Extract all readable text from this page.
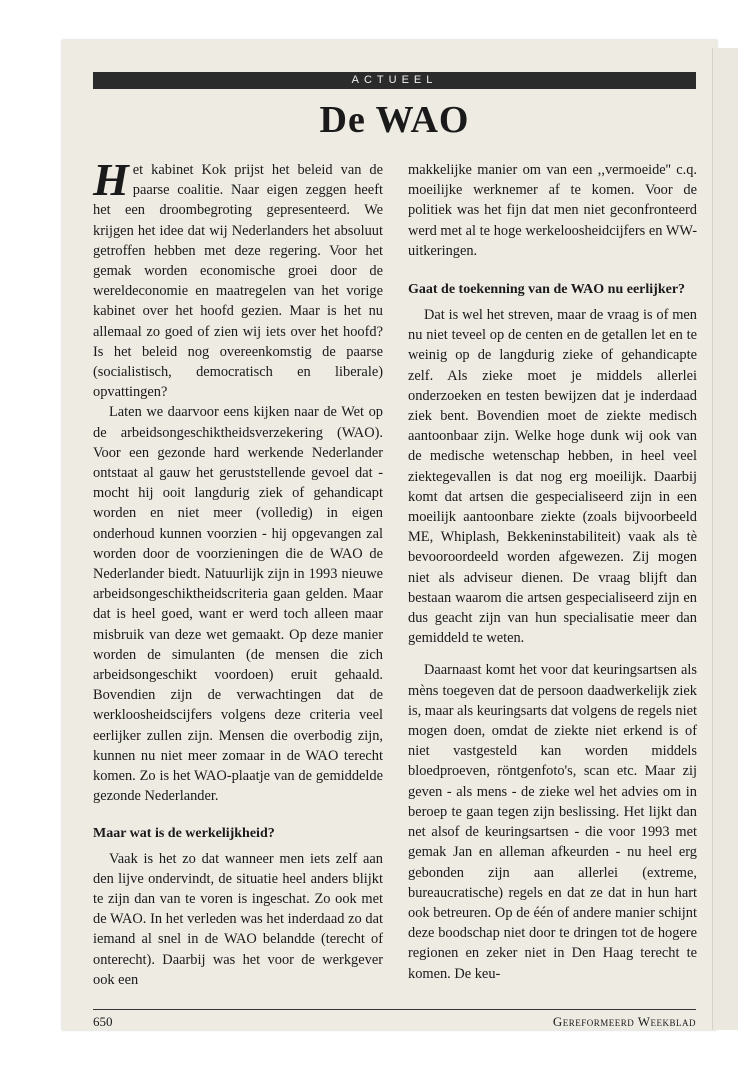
ACTUEEL
De WAO

Het kabinet Kok prijst het beleid van de paarse coalitie. Naar eigen zeggen heeft het een droombegroting gepresenteerd. We krijgen het idee dat wij Nederlanders het absoluut getroffen hebben met deze regering. Voor het gemak worden economische groei door de wereldeconomie en maatregelen van het vorige kabinet over het hoofd gezien. Maar is het nu allemaal zo goed of zien wij iets over het hoofd? Is het beleid nog overeenkomstig de paarse (socialistisch, democratisch en liberale) opvattingen?

Laten we daarvoor eens kijken naar de Wet op de arbeidsongeschiktheidsverzekering (WAO). Voor een gezonde hard werkende Nederlander ontstaat al gauw het geruststellende gevoel dat - mocht hij ooit langdurig ziek of gehandicapt worden en niet meer (volledig) in eigen onderhoud kunnen voorzien - hij opgevangen zal worden door de voorzieningen die de WAO de Nederlander biedt. Natuurlijk zijn in 1993 nieuwe arbeidsongeschiktheidscriteria gaan gelden. Maar dat is heel goed, want er werd toch alleen maar misbruik van deze wet gemaakt. Op deze manier worden de simulanten (de mensen die zich arbeidsongeschikt voordoen) eruit gehaald. Bovendien zijn de verwachtingen dat de werkloosheidscijfers volgens deze criteria veel eerlijker zullen zijn. Mensen die overbodig zijn, kunnen nu niet meer zomaar in de WAO terecht komen. Zo is het WAO-plaatje van de gemiddelde gezonde Nederlander.

Maar wat is de werkelijkheid?

Vaak is het zo dat wanneer men iets zelf aan den lijve ondervindt, de situatie heel anders blijkt te zijn dan van te voren is ingeschat. Zo ook met de WAO. In het verleden was het inderdaad zo dat iemand al snel in de WAO belandde (terecht of onterecht). Daarbij was het voor de werkgever ook een

makkelijke manier om van een ,,vermoeide'' c.q. moeilijke werknemer af te komen. Voor de politiek was het fijn dat men niet geconfronteerd werd met al te hoge werkeloosheidcijfers en WW-uitkeringen.

Gaat de toekenning van de WAO nu eerlijker?

Dat is wel het streven, maar de vraag is of men nu niet teveel op de centen en de getallen let en te weinig op de langdurig zieke of gehandicapte zelf. Als zieke moet je middels allerlei onderzoeken en testen bewijzen dat je inderdaad ziek bent. Bovendien moet de ziekte medisch aantoonbaar zijn. Welke hoge dunk wij ook van de medische wetenschap hebben, in heel veel ziektegevallen is dat nog erg moeilijk. Daarbij komt dat artsen die gespecialiseerd zijn in een moeilijk aantoonbare ziekte (zoals bijvoorbeeld ME, Whiplash, Bekkeninstabiliteit) vaak als tè bevooroordeeld worden afgewezen. Zij mogen niet als adviseur dienen. De vraag blijft dan bestaan waarom die artsen gespecialiseerd zijn en dus geacht zijn van hun specialisatie meer dan gemiddeld te weten.

Daarnaast komt het voor dat keuringsartsen als mèns toegeven dat de persoon daadwerkelijk ziek is, maar als keuringsarts dat volgens de regels niet mogen doen, omdat de ziekte niet erkend is of niet vastgesteld kan worden middels bloedproeven, röntgenfoto's, scan etc. Maar zij geven - als mens - de zieke wel het advies om in beroep te gaan tegen zijn beslissing. Het lijkt dan net alsof de keuringsartsen - die voor 1993 met gemak Jan en alleman afkeurden - nu heel erg gebonden zijn aan allerlei (extreme, bureaucratische) regels en dat ze dat in hun hart ook betreuren. Op de één of andere manier schijnt deze boodschap niet door te dringen tot de hogere regionen en zeker niet in Den Haag terecht te komen. De keu-

650	Gereformeerd Weekblad
